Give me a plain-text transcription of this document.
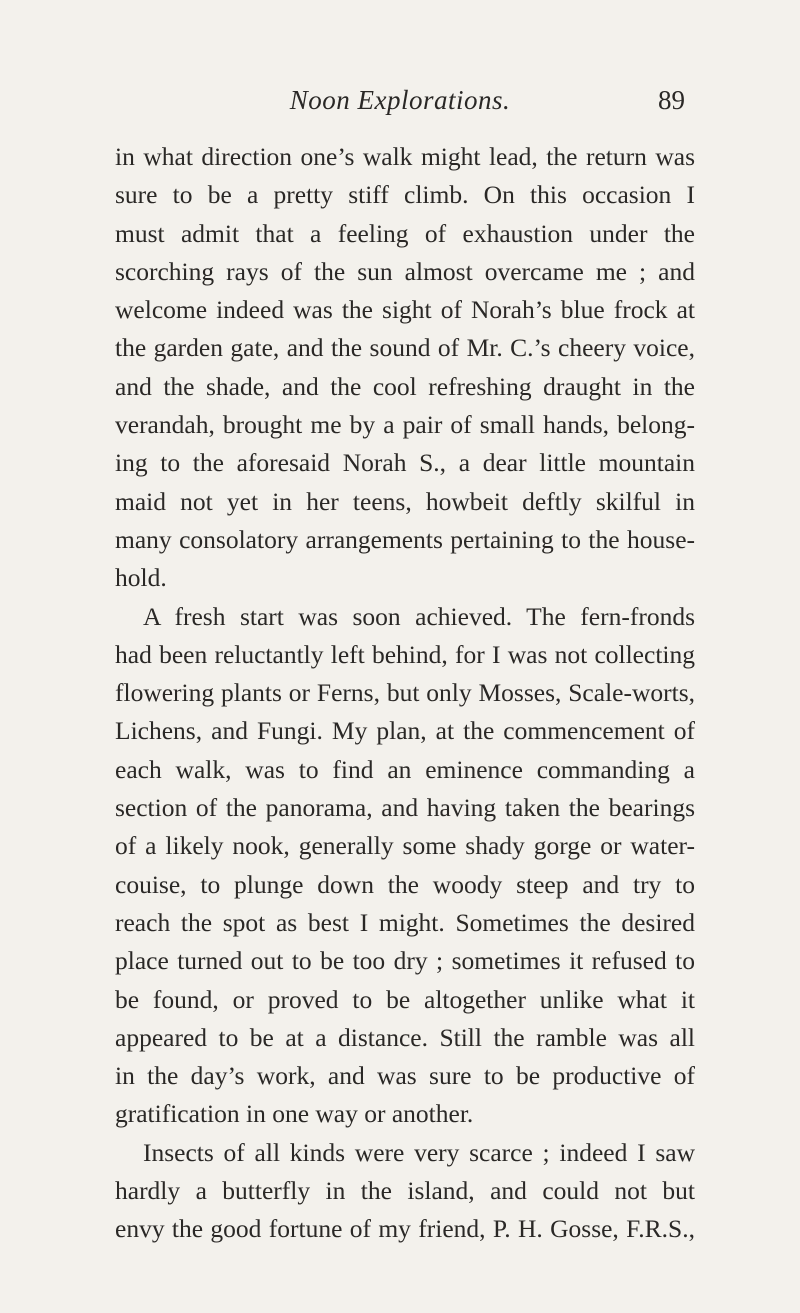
Noon Explorations.	89
in what direction one’s walk might lead, the return was
sure to be a pretty stiff climb. On this occasion I
must admit that a feeling of exhaustion under the
scorching rays of the sun almost overcame me ; and
welcome indeed was the sight of Norah’s blue frock at
the garden gate, and the sound of Mr. C.’s cheery voice,
and the shade, and the cool refreshing draught in the
verandah, brought me by a pair of small hands, belong-
ing to the aforesaid Norah S., a dear little mountain
maid not yet in her teens, howbeit deftly skilful in
many consolatory arrangements pertaining to the house-
hold.
A fresh start was soon achieved. The fern-fronds
had been reluctantly left behind, for I was not collecting
flowering plants or Ferns, but only Mosses, Scale-worts,
Lichens, and Fungi. My plan, at the commencement of
each walk, was to find an eminence commanding a
section of the panorama, and having taken the bearings
of a likely nook, generally some shady gorge or water-
couise, to plunge down the woody steep and try to
reach the spot as best I might. Sometimes the desired
place turned out to be too dry ; sometimes it refused to
be found, or proved to be altogether unlike what it
appeared to be at a distance. Still the ramble was all
in the day’s work, and was sure to be productive of
gratification in one way or another.
Insects of all kinds were very scarce ; indeed I saw
hardly a butterfly in the island, and could not but
envy the good fortune of my friend, P. H. Gosse, F.R.S.,
